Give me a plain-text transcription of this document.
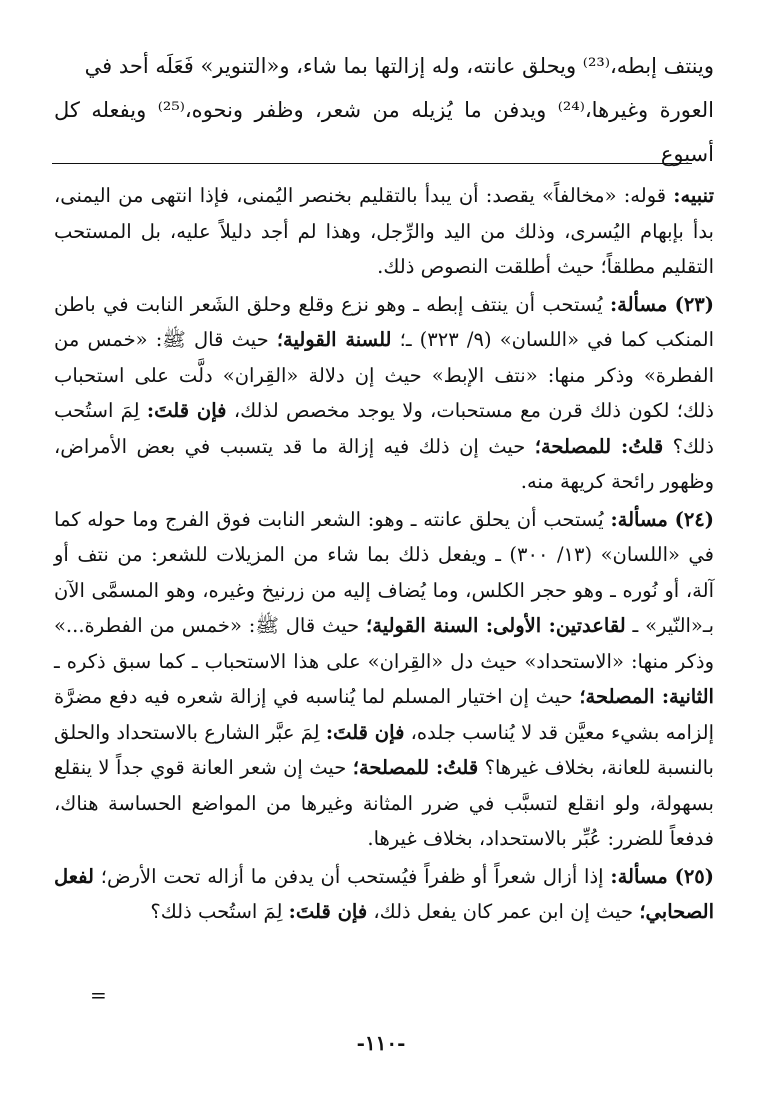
وينتف إبطه،⁽²³⁾ ويحلق عانته، وله إزالتها بما شاء، و«التنوير» فَعَلَه أحد في

العورة وغيرها،⁽²⁴⁾ ويدفن ما يُزيله من شعر، وظفر ونحوه،⁽²⁵⁾ ويفعله كل أسبوع

تنبيه: قوله: «مخالفاً» يقصد: أن يبدأ بالتقليم بخنصر اليُمنى، فإذا انتهى من اليمنى، بدأ بإبهام اليُسرى، وذلك من اليد والرِّجل، وهذا لم أجد دليلاً عليه، بل المستحب التقليم مطلقاً؛ حيث أطلقت النصوص ذلك.

(٢٣) مسألة: يُستحب أن ينتف إبطه ـ وهو نزع وقلع وحلق الشَعر النابت في باطن المنكب كما في «اللسان» (٩/ ٣٢٣) ـ؛ للسنة القولية؛ حيث قال ﷺ: «خمس من الفطرة» وذكر منها: «نتف الإبط» حيث إن دلالة «القِران» دلَّت على استحباب ذلك؛ لكون ذلك قرن مع مستحبات، ولا يوجد مخصص لذلك، فإن قلتَ: لِمَ استُحب ذلك؟ قلتُ: للمصلحة؛ حيث إن ذلك فيه إزالة ما قد يتسبب في بعض الأمراض، وظهور رائحة كريهة منه.

(٢٤) مسألة: يُستحب أن يحلق عانته ـ وهو: الشعر النابت فوق الفرج وما حوله كما في «اللسان» (١٣/ ٣٠٠) ـ ويفعل ذلك بما شاء من المزيلات للشعر: من نتف أو آلة، أو نُوره ـ وهو حجر الكلس، وما يُضاف إليه من زرنيخ وغيره، وهو المسمَّى الآن بـ«النّير» ـ لقاعدتين: الأولى: السنة القولية؛ حيث قال ﷺ: «خمس من الفطرة...» وذكر منها: «الاستحداد» حيث دل «القِران» على هذا الاستحباب ـ كما سبق ذكره ـ الثانية: المصلحة؛ حيث إن اختيار المسلم لما يُناسبه في إزالة شعره فيه دفع مضرَّة إلزامه بشيء معيَّن قد لا يُناسب جلده، فإن قلتَ: لِمَ عبَّر الشارع بالاستحداد والحلق بالنسبة للعانة، بخلاف غيرها؟ قلتُ: للمصلحة؛ حيث إن شعر العانة قوي جداً لا ينقلع بسهولة، ولو انقلع لتسبَّب في ضرر المثانة وغيرها من المواضع الحساسة هناك، فدفعاً للضرر: عُبِّر بالاستحداد، بخلاف غيرها.

(٢٥) مسألة: إذا أزال شعراً أو ظفراً فيُستحب أن يدفن ما أزاله تحت الأرض؛ لفعل الصحابي؛ حيث إن ابن عمر كان يفعل ذلك، فإن قلتَ: لِمَ استُحب ذلك؟

=
-١١٠-
